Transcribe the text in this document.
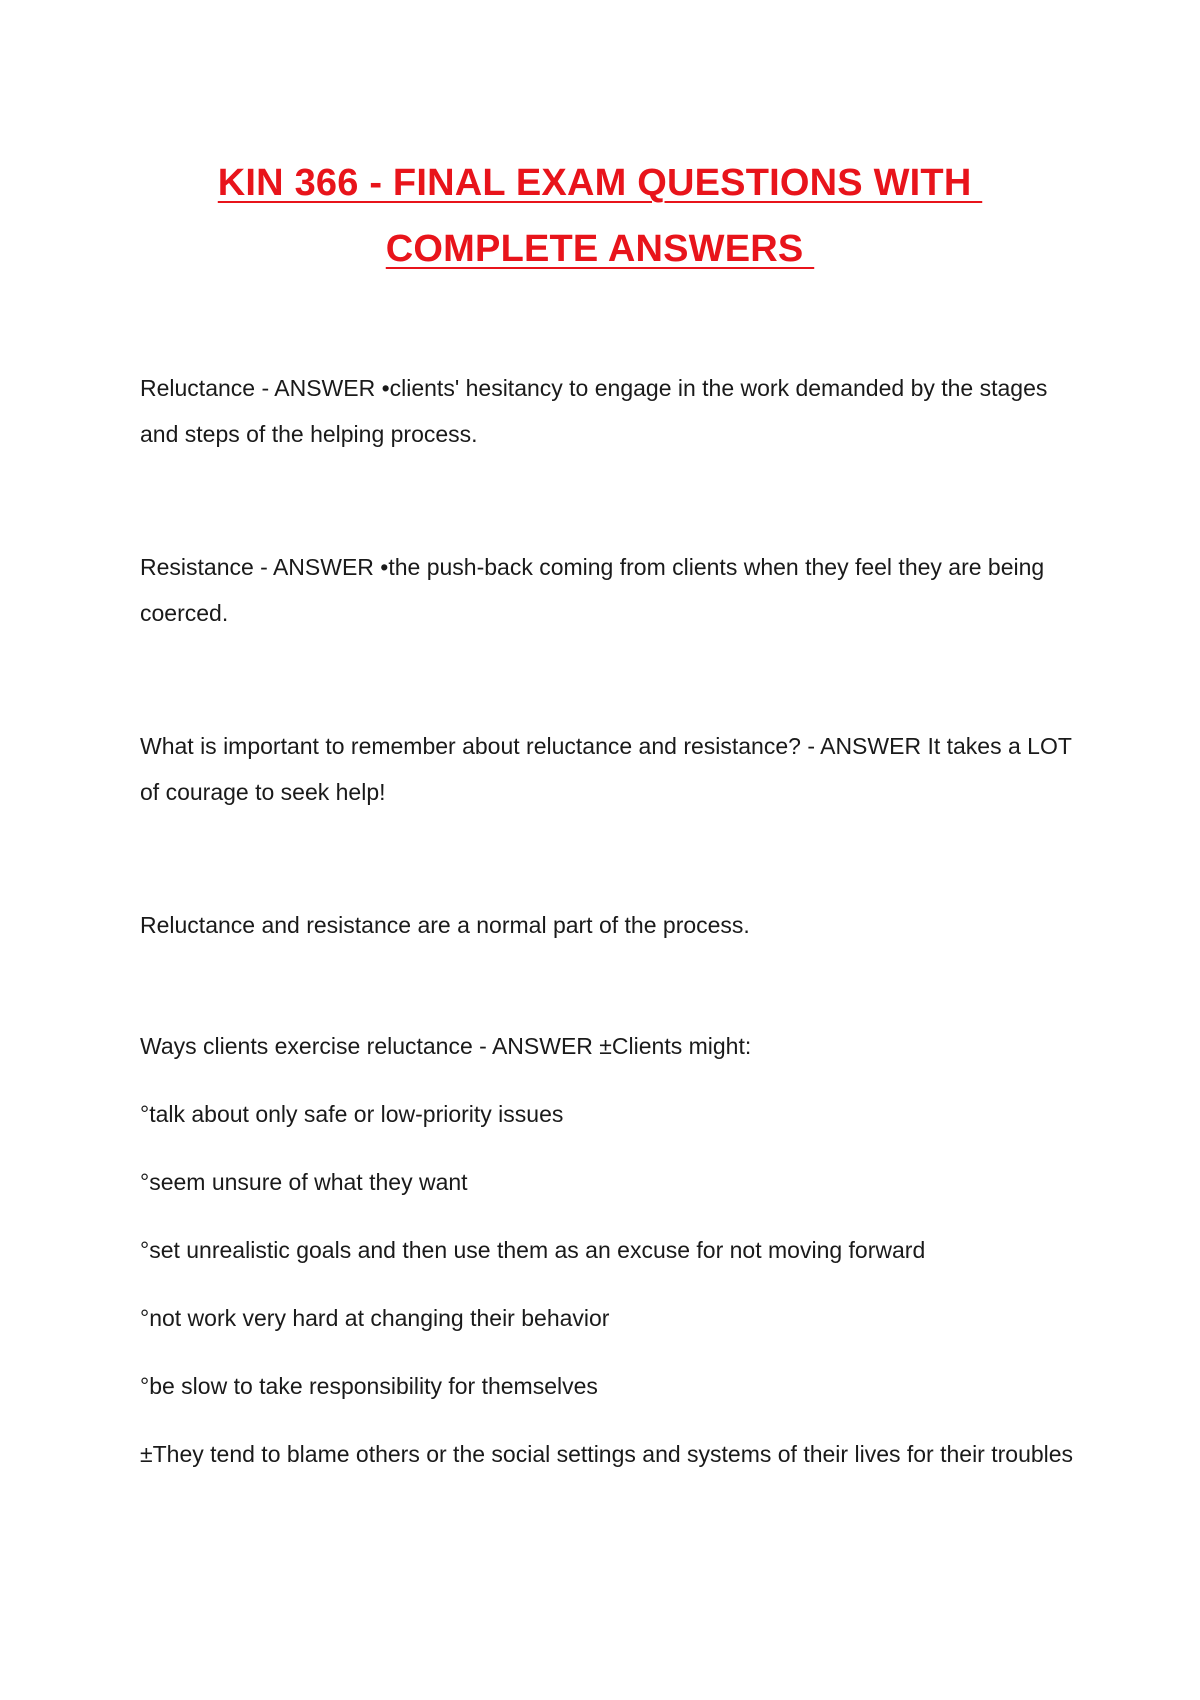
KIN 366 - FINAL EXAM QUESTIONS WITH
COMPLETE ANSWERS

Reluctance - ANSWER •clients' hesitancy to engage in the work demanded by the stages and steps of the helping process.

Resistance - ANSWER •the push-back coming from clients when they feel they are being coerced.

What is important to remember about reluctance and resistance? - ANSWER It takes a LOT of courage to seek help!

Reluctance and resistance are a normal part of the process.

Ways clients exercise reluctance - ANSWER ±Clients might:

°talk about only safe or low-priority issues

°seem unsure of what they want

°set unrealistic goals and then use them as an excuse for not moving forward

°not work very hard at changing their behavior

°be slow to take responsibility for themselves

±They tend to blame others or the social settings and systems of their lives for their troubles
